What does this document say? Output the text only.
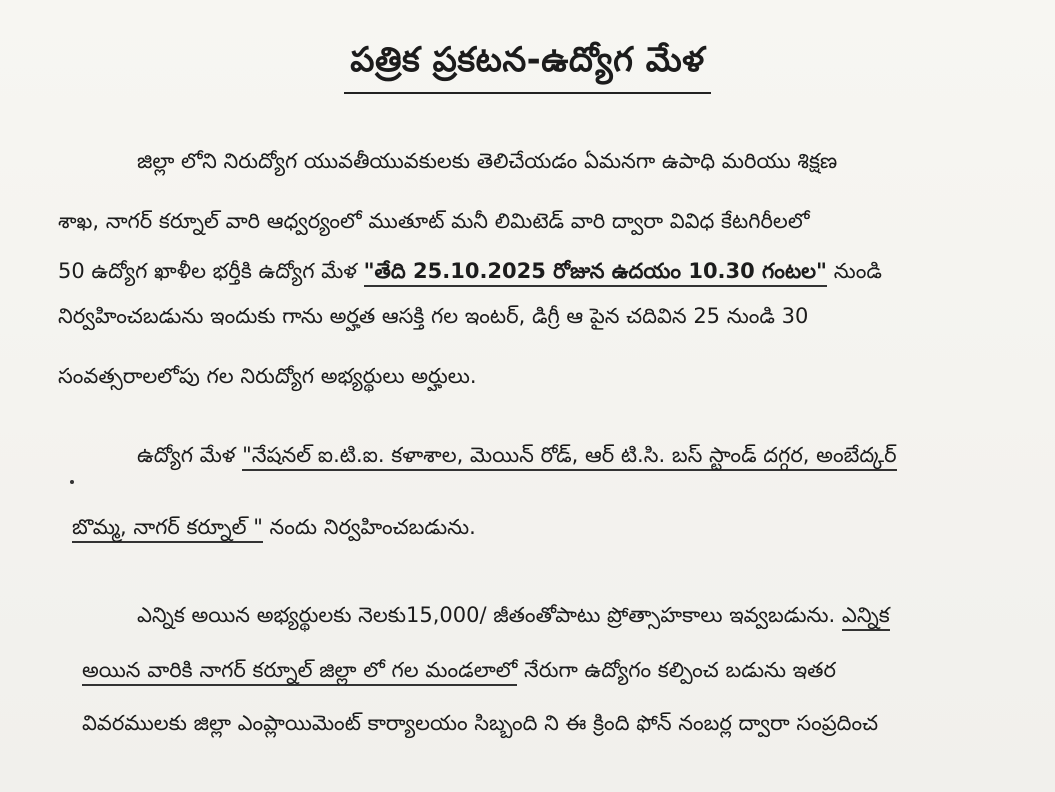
పత్రిక ప్రకటన-ఉద్యోగ మేళ
జిల్లా లోని నిరుద్యోగ యువతీయువకులకు తెలిచేయడం ఏమనగా ఉపాధి మరియు శిక్షణ
శాఖ, నాగర్ కర్నూల్ వారి ఆధ్వర్యంలో ముతూట్ మనీ లిమిటెడ్ వారి ద్వారా వివిధ కేటగిరీలలో
50 ఉద్యోగ ఖాళీల భర్తీకి ఉద్యోగ మేళ "తేది 25.10.2025 రోజున ఉదయం 10.30 గంటల" నుండి
నిర్వహించబడును ఇందుకు గాను అర్హత ఆసక్తి గల ఇంటర్, డిగ్రీ ఆ పైన చదివిన 25 నుండి 30
సంవత్సరాలలోపు గల నిరుద్యోగ అభ్యర్థులు అర్హులు.
ఉద్యోగ మేళ "నేషనల్ ఐ.టి.ఐ. కళాశాల, మెయిన్ రోడ్, ఆర్ టి.సి. బస్ స్టాండ్ దగ్గర, అంబేద్కర్
బొమ్మ, నాగర్ కర్నూల్ " నందు నిర్వహించబడును.
ఎన్నిక అయిన అభ్యర్థులకు నెలకు15,000/ జీతంతోపాటు ప్రోత్సాహకాలు ఇవ్వబడును. ఎన్నిక
అయిన వారికి నాగర్ కర్నూల్ జిల్లా లో గల మండలాలో నేరుగా ఉద్యోగం కల్పించ బడును ఇతర
వివరములకు జిల్లా ఎంప్లాయిమెంట్ కార్యాలయం సిబ్బంది ని ఈ క్రింది ఫోన్ నంబర్ల ద్వారా సంప్రదించ
